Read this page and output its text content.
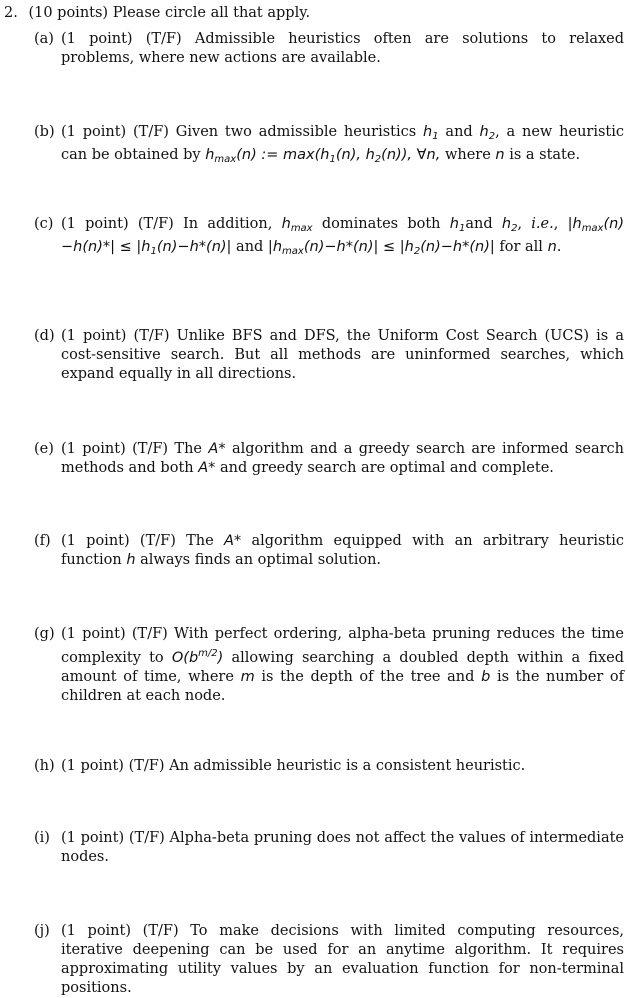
2. (10 points) Please circle all that apply.
(a) (1 point) (T/F) Admissible heuristics often are solutions to relaxed problems, where new actions are available.
(b) (1 point) (T/F) Given two admissible heuristics $h_1$ and $h_2$, a new heuristic can be obtained by $h_{max}(n)$ := $\max(h_1(n)$, $h_2(n)$), ∀n, where n is a state.
(c) (1 point) (T/F) In addition, $h_{max}$ dominates both $h_1and$ $h_2$, i.e., $|h_{max}(n)-h(n)*| \le |h_1(n)-h*(n)|$ and $|h_{max}(n)-h*(n)| \le |h_2(n)-h*(n)|$ for all n.
(d) (1 point) (T/F) Unlike BFS and DFS, the Uniform Cost Search (UCS) is a cost-sensitive search. But all methods are uninformed searches, which expand equally in all directions.
(e) (1 point) (T/F) The A* algorithm and a greedy search are informed search methods and both A* and greedy search are optimal and complete.
(f) (1 point) (T/F) The A* algorithm equipped with an arbitrary heuristic function h always finds an optimal solution.
(g) (1 point) (T/F) With perfect ordering, alpha-beta pruning reduces the time complexity to $O(b^{m/2})$ allowing searching a doubled depth within a fixed amount of time, where m is the depth of the tree and b is the number of children at each node.
(h) (1 point) (T/F) An admissible heuristic is a consistent heuristic.
(i) (1 point) (T/F) Alpha-beta pruning does not affect the values of intermediate nodes.
(j) (1 point) (T/F) To make decisions with limited computing resources, iterative deepening can be used for an anytime algorithm. It requires approximating utility values by an evaluation function for non-terminal positions.
